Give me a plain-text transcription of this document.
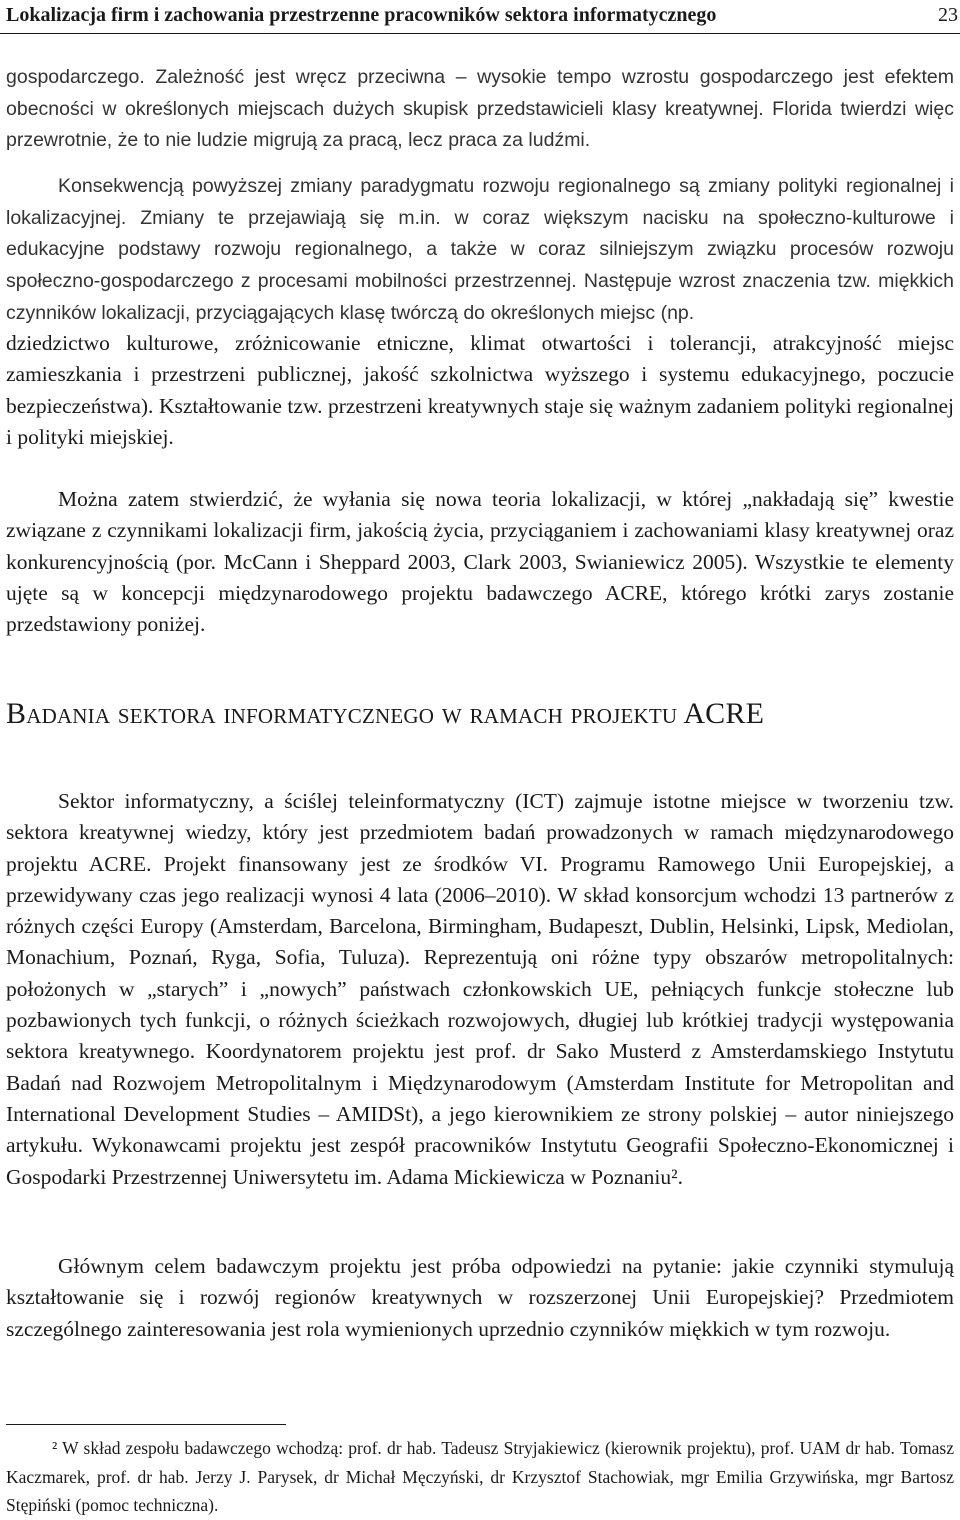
Lokalizacja firm i zachowania przestrzenne pracowników sektora informatycznego	23

gospodarczego. Zależność jest wręcz przeciwna – wysokie tempo wzrostu gospodarczego jest efektem obecności w określonych miejscach dużych skupisk przedstawicieli klasy kreatywnej. Florida twierdzi więc przewrotnie, że to nie ludzie migrują za pracą, lecz praca za ludźmi.

Konsekwencją powyższej zmiany paradygmatu rozwoju regionalnego są zmiany polityki regionalnej i lokalizacyjnej. Zmiany te przejawiają się m.in. w coraz większym nacisku na społeczno-kulturowe i edukacyjne podstawy rozwoju regionalnego, a także w coraz silniejszym związku procesów rozwoju społeczno-gospodarczego z procesami mobilności przestrzennej. Następuje wzrost znaczenia tzw. miękkich czynników lokalizacji, przyciągających klasę twórczą do określonych miejsc (np.

dziedzictwo kulturowe, zróżnicowanie etniczne, klimat otwartości i tolerancji, atrakcyjność miejsc zamieszkania i przestrzeni publicznej, jakość szkolnictwa wyższego i systemu edukacyjnego, poczucie bezpieczeństwa). Kształtowanie tzw. przestrzeni kreatywnych staje się ważnym zadaniem polityki regionalnej i polityki miejskiej.

Można zatem stwierdzić, że wyłania się nowa teoria lokalizacji, w której „nakładają się” kwestie związane z czynnikami lokalizacji firm, jakością życia, przyciąganiem i zachowaniami klasy kreatywnej oraz konkurencyjnością (por. McCann i Sheppard 2003, Clark 2003, Swianiewicz 2005). Wszystkie te elementy ujęte są w koncepcji międzynarodowego projektu badawczego ACRE, którego krótki zarys zostanie przedstawiony poniżej.

Badania sektora informatycznego w ramach projektu ACRE

Sektor informatyczny, a ściślej teleinformatyczny (ICT) zajmuje istotne miejsce w tworzeniu tzw. sektora kreatywnej wiedzy, który jest przedmiotem badań prowadzonych w ramach międzynarodowego projektu ACRE. Projekt finansowany jest ze środków VI. Programu Ramowego Unii Europejskiej, a przewidywany czas jego realizacji wynosi 4 lata (2006–2010). W skład konsorcjum wchodzi 13 partnerów z różnych części Europy (Amsterdam, Barcelona, Birmingham, Budapeszt, Dublin, Helsinki, Lipsk, Mediolan, Monachium, Poznań, Ryga, Sofia, Tuluza). Reprezentują oni różne typy obszarów metropolitalnych: położonych w „starych” i „nowych” państwach członkowskich UE, pełniących funkcje stołeczne lub pozbawionych tych funkcji, o różnych ścieżkach rozwojowych, długiej lub krótkiej tradycji występowania sektora kreatywnego. Koordynatorem projektu jest prof. dr Sako Musterd z Amsterdamskiego Instytutu Badań nad Rozwojem Metropolitalnym i Międzynarodowym (Amsterdam Institute for Metropolitan and International Development Studies – AMIDSt), a jego kierownikiem ze strony polskiej – autor niniejszego artykułu. Wykonawcami projektu jest zespół pracowników Instytutu Geografii Społeczno-Ekonomicznej i Gospodarki Przestrzennej Uniwersytetu im. Adama Mickiewicza w Poznaniu².

Głównym celem badawczym projektu jest próba odpowiedzi na pytanie: jakie czynniki stymulują kształtowanie się i rozwój regionów kreatywnych w rozszerzonej Unii Europejskiej? Przedmiotem szczególnego zainteresowania jest rola wymienionych uprzednio czynników miękkich w tym rozwoju.

² W skład zespołu badawczego wchodzą: prof. dr hab. Tadeusz Stryjakiewicz (kierownik projektu), prof. UAM dr hab. Tomasz Kaczmarek, prof. dr hab. Jerzy J. Parysek, dr Michał Męczyński, dr Krzysztof Stachowiak, mgr Emilia Grzywińska, mgr Bartosz Stępiński (pomoc techniczna).
